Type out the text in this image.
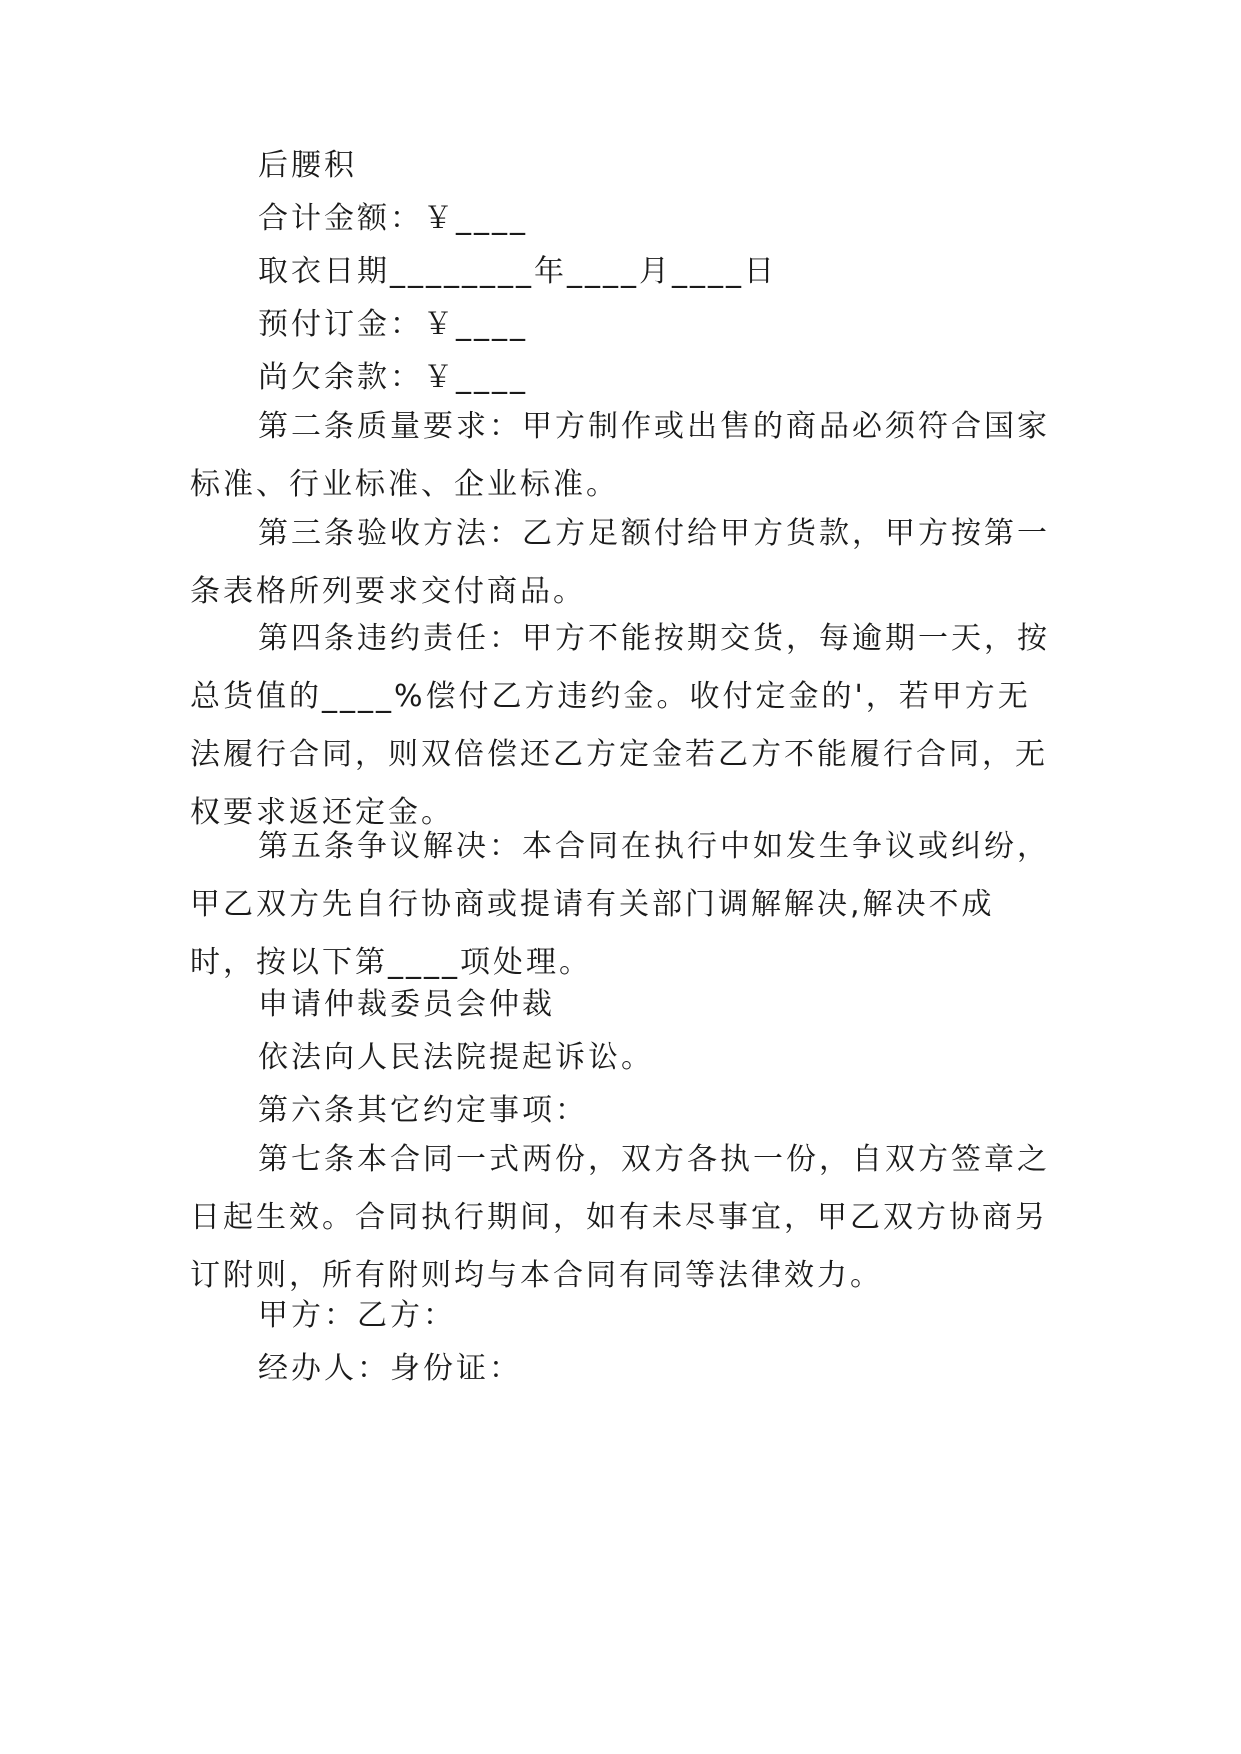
后腰积

合计金额：￥____

取衣日期________年____月____日

预付订金：￥____

尚欠余款：￥____

第二条质量要求：甲方制作或出售的商品必须符合国家标准、行业标准、企业标准。

第三条验收方法：乙方足额付给甲方货款，甲方按第一条表格所列要求交付商品。

第四条违约责任：甲方不能按期交货，每逾期一天，按总货值的____%偿付乙方违约金。收付定金的'，若甲方无法履行合同，则双倍偿还乙方定金若乙方不能履行合同，无权要求返还定金。

第五条争议解决：本合同在执行中如发生争议或纠纷，甲乙双方先自行协商或提请有关部门调解解决,解决不成时，按以下第____项处理。

申请仲裁委员会仲裁

依法向人民法院提起诉讼。

第六条其它约定事项：

第七条本合同一式两份，双方各执一份，自双方签章之日起生效。合同执行期间，如有未尽事宜，甲乙双方协商另订附则，所有附则均与本合同有同等法律效力。

甲方：乙方：

经办人：身份证：
